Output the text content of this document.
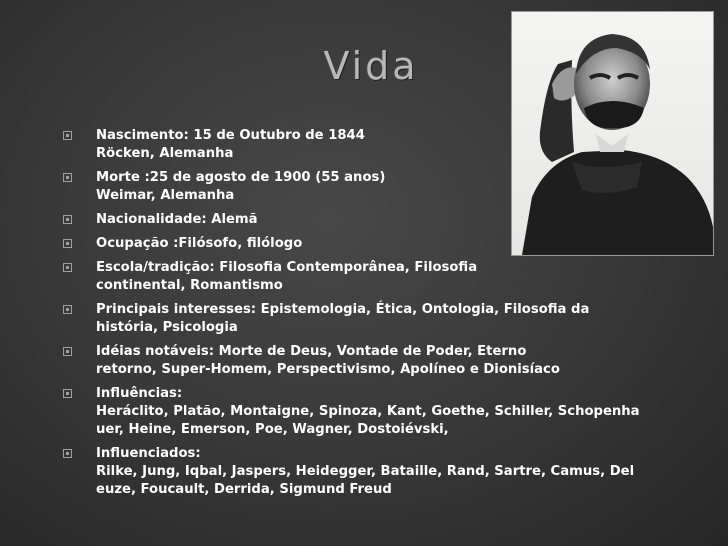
Vida
Nascimento: 15 de Outubro de 1844
Röcken, Alemanha
Morte :25 de agosto de 1900 (55 anos)
Weimar, Alemanha
Nacionalidade: Alemã
Ocupação :Filósofo, filólogo
Escola/tradição: Filosofia Contemporânea, Filosofia
continental, Romantismo
Principais interesses: Epistemologia, Ética, Ontologia, Filosofia da
história, Psicologia
Idéias notáveis: Morte de Deus, Vontade de Poder, Eterno
retorno, Super-Homem, Perspectivismo, Apolíneo e Dionisíaco
Influências:
Heráclito, Platão, Montaigne, Spinoza, Kant, Goethe, Schiller, Schopenha
uer, Heine, Emerson, Poe, Wagner, Dostoiévski,
Influenciados:
Rilke, Jung, Iqbal, Jaspers, Heidegger, Bataille, Rand, Sartre, Camus, Del
euze, Foucault, Derrida, Sigmund Freud
